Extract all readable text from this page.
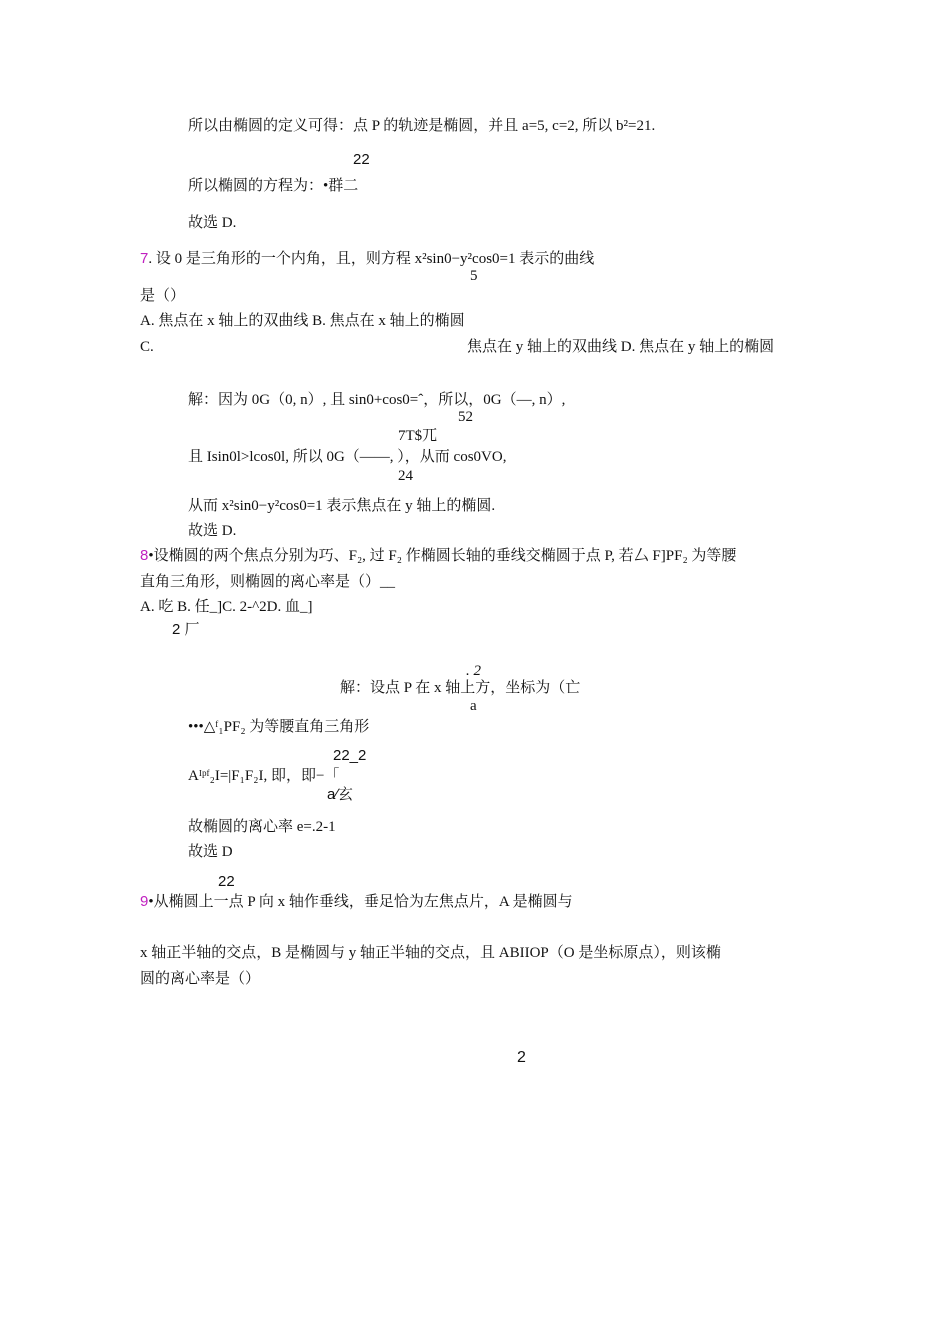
所以由椭圆的定义可得：点 P 的轨迹是椭圆，并且 a=5, c=2, 所以 b²=21.
22
所以椭圆的方程为：•群二
故选 D.
7. 设 0 是三角形的一个内角，且，则方程 x²sin0−y²cos0=1 表示的曲线
5
是（）
A. 焦点在 x 轴上的双曲线 B. 焦点在 x 轴上的椭圆
C.	焦点在 y 轴上的双曲线 D. 焦点在 y 轴上的椭圆
解：因为 0G（0, n）, 且 sin0+cos0=ˆ，所以，0G（—, n）,
52
7T$兀
且 Isin0l>lcos0l, 所以 0G（——, ），从而 cos0VO,
24
从而 x²sin0−y²cos0=1 表示焦点在 y 轴上的椭圆.
故选 D.
8•设椭圆的两个焦点分别为巧、F₂, 过 F₂ 作椭圆长轴的垂线交椭圆于点 P, 若厶 F]PF₂ 为等腰
直角三角形，则椭圆的离心率是（）__
A. 吃 B. 任_]C. 2-^2D. 血_]
2 厂
. 2
解：设点 P 在 x 轴上方，坐标为（亡
a
•••△ᶠ₁PF₂ 为等腰直角三角形
22_2
Aᴵᵖᶠ₂I=|F₁F₂I, 即，即−「
a∕玄
故椭圆的离心率 e=.2-1
故选 D
22
9•从椭圆上一点 P 向 x 轴作垂线，垂足恰为左焦点片，A 是椭圆与
x 轴正半轴的交点，B 是椭圆与 y 轴正半轴的交点，且 ABIIOP（O 是坐标原点），则该椭
圆的离心率是（）
2
